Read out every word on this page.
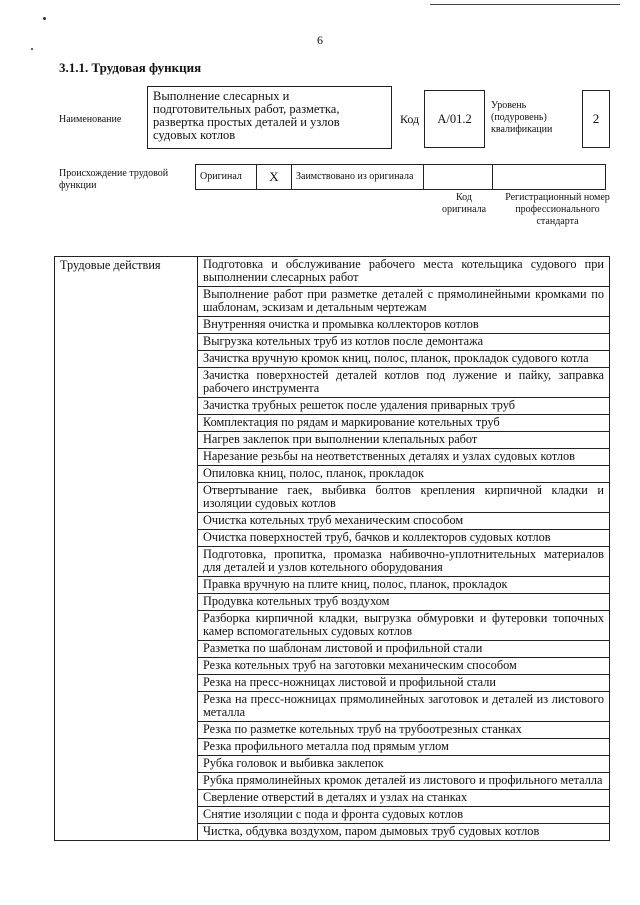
6
3.1.1. Трудовая функция
Наименование
Выполнение слесарных и подготовительных работ, разметка, развертка простых деталей и узлов судовых котлов
Код	A/01.2
Уровень (подуровень) квалификации
2
Происхождение трудовой функции
Оригинал	X	Заимствовано из оригинала		
Код оригинала
Регистрационный номер профессионального стандарта
Трудовые действия	Подготовка и обслуживание рабочего места котельщика судового при выполнении слесарных работ
Выполнение работ при разметке деталей с прямолинейными кромками по шаблонам, эскизам и детальным чертежам
Внутренняя очистка и промывка коллекторов котлов
Выгрузка котельных труб из котлов после демонтажа
Зачистка вручную кромок книц, полос, планок, прокладок судового котла
Зачистка поверхностей деталей котлов под лужение и пайку, заправка рабочего инструмента
Зачистка трубных решеток после удаления приварных труб
Комплектация по рядам и маркирование котельных труб
Нагрев заклепок при выполнении клепальных работ
Нарезание резьбы на неответственных деталях и узлах судовых котлов
Опиловка книц, полос, планок, прокладок
Отвертывание гаек, выбивка болтов крепления кирпичной кладки и изоляции судовых котлов
Очистка котельных труб механическим способом
Очистка поверхностей труб, бачков и коллекторов судовых котлов
Подготовка, пропитка, промазка набивочно-уплотнительных материалов для деталей и узлов котельного оборудования
Правка вручную на плите книц, полос, планок, прокладок
Продувка котельных труб воздухом
Разборка кирпичной кладки, выгрузка обмуровки и футеровки топочных камер вспомогательных судовых котлов
Разметка по шаблонам листовой и профильной стали
Резка котельных труб на заготовки механическим способом
Резка на пресс-ножницах листовой и профильной стали
Резка на пресс-ножницах прямолинейных заготовок и деталей из листового металла
Резка по разметке котельных труб на трубоотрезных станках
Резка профильного металла под прямым углом
Рубка головок и выбивка заклепок
Рубка прямолинейных кромок деталей из листового и профильного металла
Сверление отверстий в деталях и узлах на станках
Снятие изоляции с пода и фронта судовых котлов
Чистка, обдувка воздухом, паром дымовых труб судовых котлов
